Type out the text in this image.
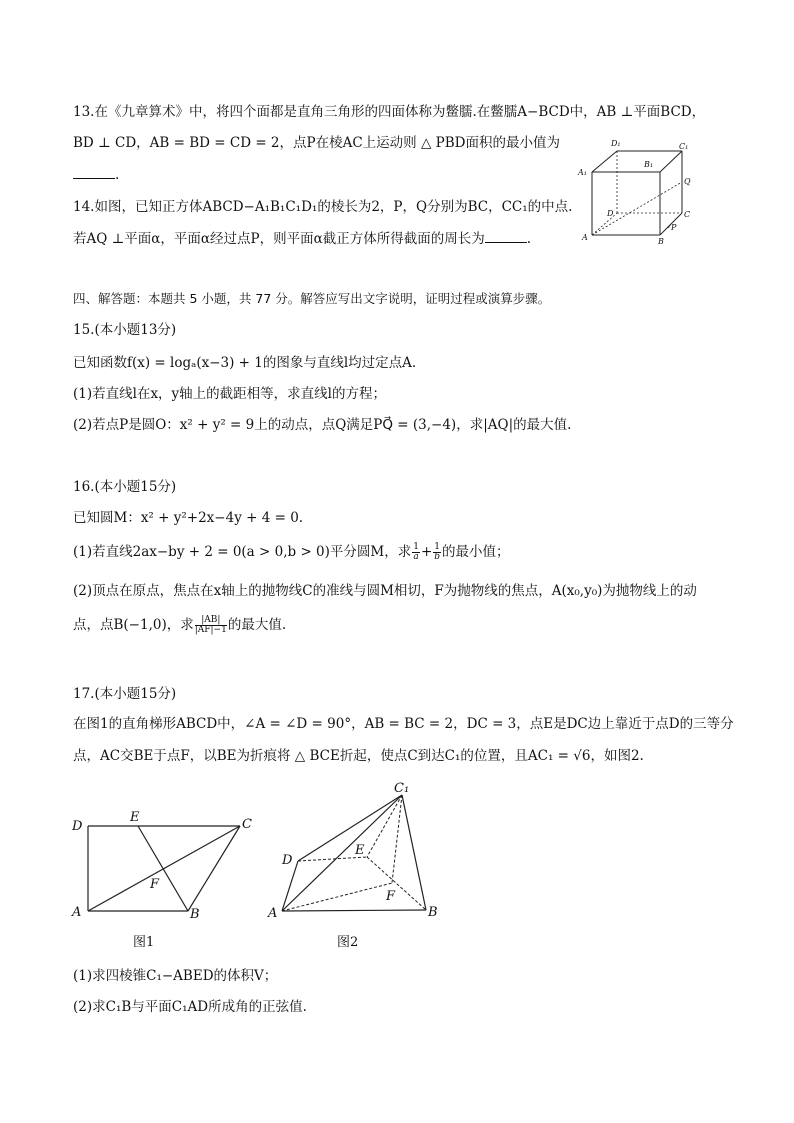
13.在《九章算术》中，将四个面都是直角三角形的四面体称为鳖臑.在鳖臑A−BCD中，AB ⊥平面BCD，
BD ⊥ CD，AB = BD = CD = 2，点P在棱AC上运动则 △ PBD面积的最小值为
.
14.如图，已知正方体ABCD−A₁B₁C₁D₁的棱长为2，P，Q分别为BC，CC₁的中点.
若AQ ⊥平面α，平面α经过点P，则平面α截正方体所得截面的周长为	.
D₁
B₁
C₁
A₁
Q
D	C
A
P
B
四、解答题：本题共 5 小题，共 77 分。解答应写出文字说明，证明过程或演算步骤。
15.(本小题13分)
已知函数f(x) = logₐ(x−3) + 1的图象与直线l均过定点A.
(1)若直线l在x，y轴上的截距相等，求直线l的方程；
(2)若点P是圆O：x² + y² = 9上的动点，点Q满足PQ⃗ = (3,−4)，求|AQ|的最大值.
16.(本小题15分)
已知圆M：x² + y²+2x−4y + 4 = 0.
(1)若直线2ax−by + 2 = 0(a > 0,b > 0)平分圆M，求 $\frac{1}{a} + \frac{1}{b}$ 的最小值；
(2)顶点在原点，焦点在x轴上的抛物线C的准线与圆M相切，F为抛物线的焦点，A(x₀,y₀)为抛物线上的动
点，点B(−1,0)，求 $\frac{|AB|}{|AF|-1}$ 的最大值.
17.(本小题15分)
在图1的直角梯形ABCD中，∠A = ∠D = 90°，AB = BC = 2，DC = 3，点E是DC边上靠近于点D的三等分
点，AC交BE于点F，以BE为折痕将 △ BCE折起，使点C到达C₁的位置，且AC₁ = √6，如图2.
D
E	C
F
A	B
图1
C₁
D
E
F
A	B
图2
(1)求四棱锥C₁−ABED的体积V；
(2)求C₁B与平面C₁AD所成角的正弦值.
